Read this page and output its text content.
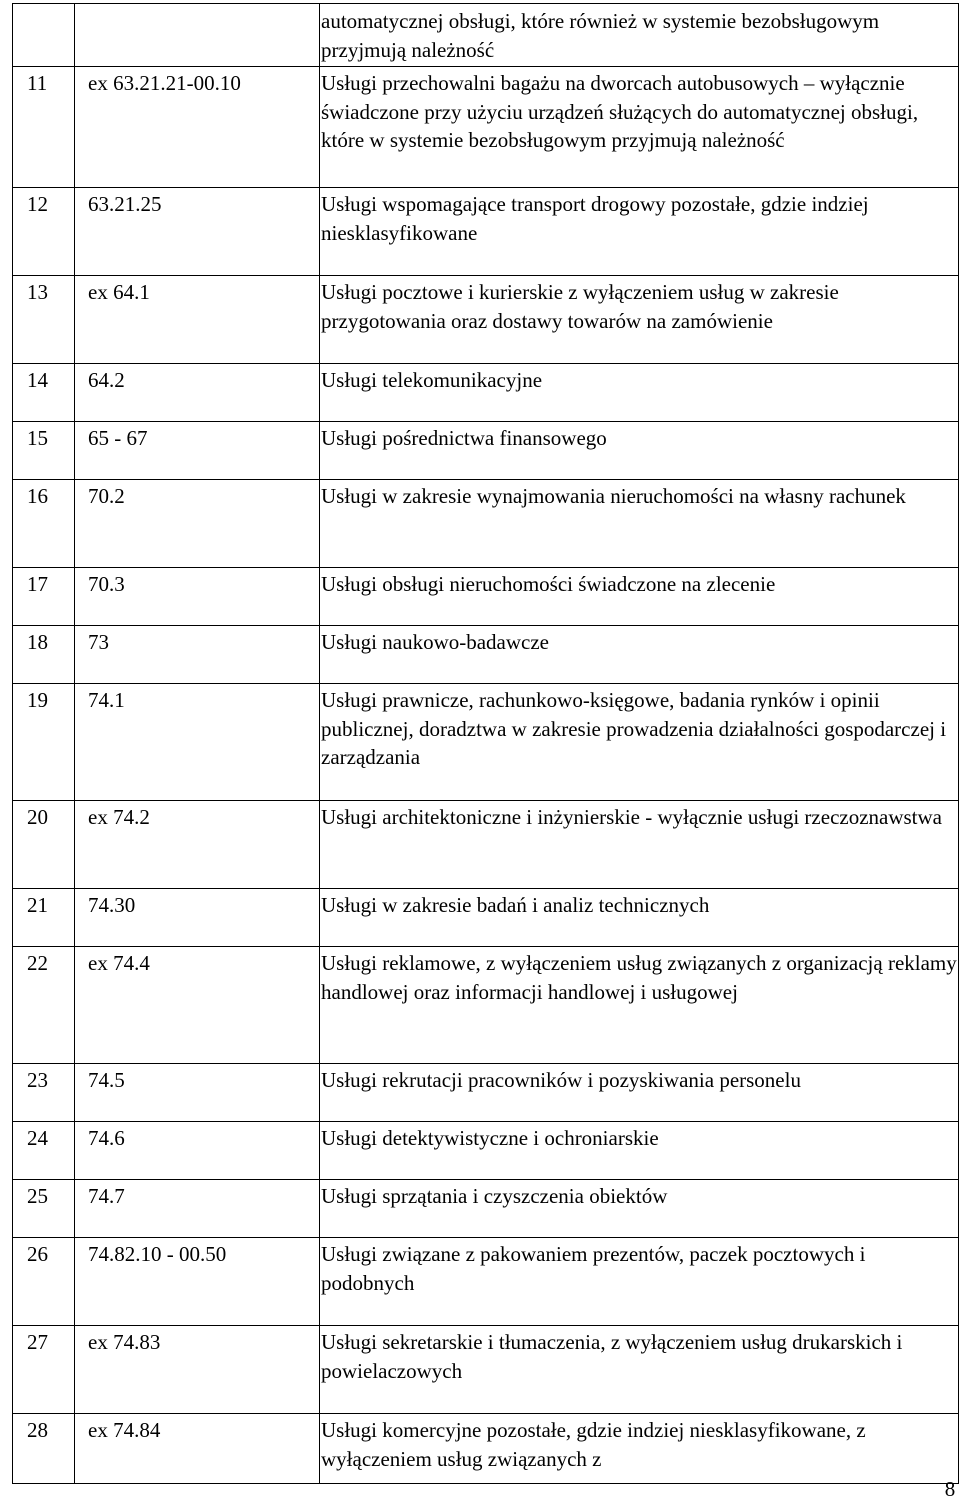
		automatycznej obsługi, które również w systemie bezobsługowym przyjmują należność
11	ex 63.21.21-00.10	Usługi przechowalni bagażu na dworcach autobusowych – wyłącznie świadczone przy użyciu urządzeń służących do automatycznej obsługi, które w systemie bezobsługowym przyjmują należność
12	63.21.25	Usługi wspomagające transport drogowy pozostałe, gdzie indziej niesklasyfikowane
13	ex 64.1	Usługi pocztowe i kurierskie z wyłączeniem usług w zakresie przygotowania oraz dostawy towarów na zamówienie
14	64.2	Usługi telekomunikacyjne
15	65 - 67	Usługi pośrednictwa finansowego
16	70.2	Usługi w zakresie wynajmowania nieruchomości na własny rachunek
17	70.3	Usługi obsługi nieruchomości świadczone na zlecenie
18	73	Usługi naukowo-badawcze
19	74.1	Usługi prawnicze, rachunkowo-księgowe, badania rynków i opinii publicznej, doradztwa w zakresie prowadzenia działalności gospodarczej i zarządzania
20	ex 74.2	Usługi architektoniczne i inżynierskie - wyłącznie usługi rzeczoznawstwa
21	74.30	Usługi w zakresie badań i analiz technicznych
22	ex 74.4	Usługi reklamowe, z wyłączeniem usług związanych z organizacją reklamy handlowej oraz informacji handlowej i usługowej
23	74.5	Usługi rekrutacji pracowników i pozyskiwania personelu
24	74.6	Usługi detektywistyczne i ochroniarskie
25	74.7	Usługi sprzątania i czyszczenia obiektów
26	74.82.10 - 00.50	Usługi związane z pakowaniem prezentów, paczek pocztowych i podobnych
27	ex 74.83	Usługi sekretarskie i tłumaczenia, z wyłączeniem usług drukarskich i powielaczowych
28	ex 74.84	Usługi komercyjne pozostałe, gdzie indziej niesklasyfikowane, z wyłączeniem usług związanych z
8
